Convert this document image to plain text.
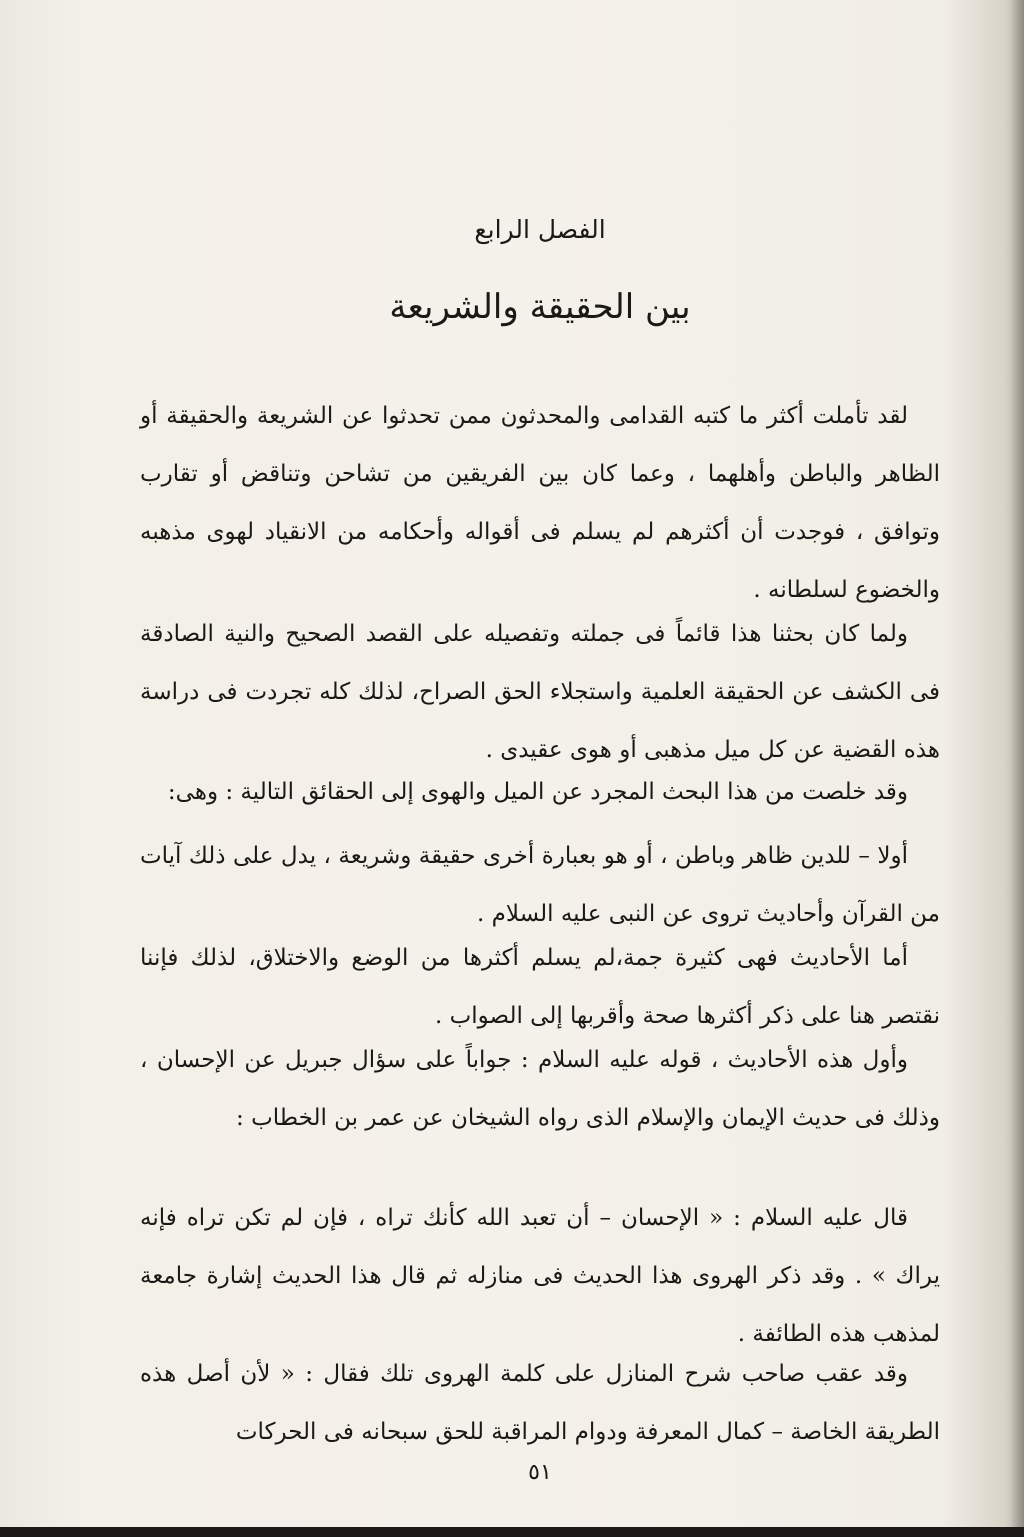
الفصل الرابع
بين الحقيقة والشريعة

لقد تأملت أكثر ما كتبه القدامى والمحدثون ممن تحدثوا عن الشريعة والحقيقة أو الظاهر والباطن وأهلهما ، وعما كان بين الفريقين من تشاحن وتناقض أو تقارب وتوافق ، فوجدت أن أكثرهم لم يسلم فى أقواله وأحكامه من الانقياد لهوى مذهبه والخضوع لسلطانه .

ولما كان بحثنا هذا قائماً فى جملته وتفصيله على القصد الصحيح والنية الصادقة فى الكشف عن الحقيقة العلمية واستجلاء الحق الصراح، لذلك كله تجردت فى دراسة هذه القضية عن كل ميل مذهبى أو هوى عقيدى .

وقد خلصت من هذا البحث المجرد عن الميل والهوى إلى الحقائق التالية : وهى:

أولا – للدين ظاهر وباطن ، أو هو بعبارة أخرى حقيقة وشريعة ، يدل على ذلك آيات من القرآن وأحاديث تروى عن النبى عليه السلام .

أما الأحاديث فهى كثيرة جمة،لم يسلم أكثرها من الوضع والاختلاق، لذلك فإننا نقتصر هنا على ذكر أكثرها صحة وأقربها إلى الصواب .

وأول هذه الأحاديث ، قوله عليه السلام : جواباً على سؤال جبريل عن الإحسان ، وذلك فى حديث الإيمان والإسلام الذى رواه الشيخان عن عمر بن الخطاب :

قال عليه السلام : « الإحسان – أن تعبد الله كأنك تراه ، فإن لم تكن تراه فإنه يراك » . وقد ذكر الهروى هذا الحديث فى منازله ثم قال هذا الحديث إشارة جامعة لمذهب هذه الطائفة .

وقد عقب صاحب شرح المنازل على كلمة الهروى تلك فقال : « لأن أصل هذه الطريقة الخاصة – كمال المعرفة ودوام المراقبة للحق سبحانه فى الحركات

٥١
